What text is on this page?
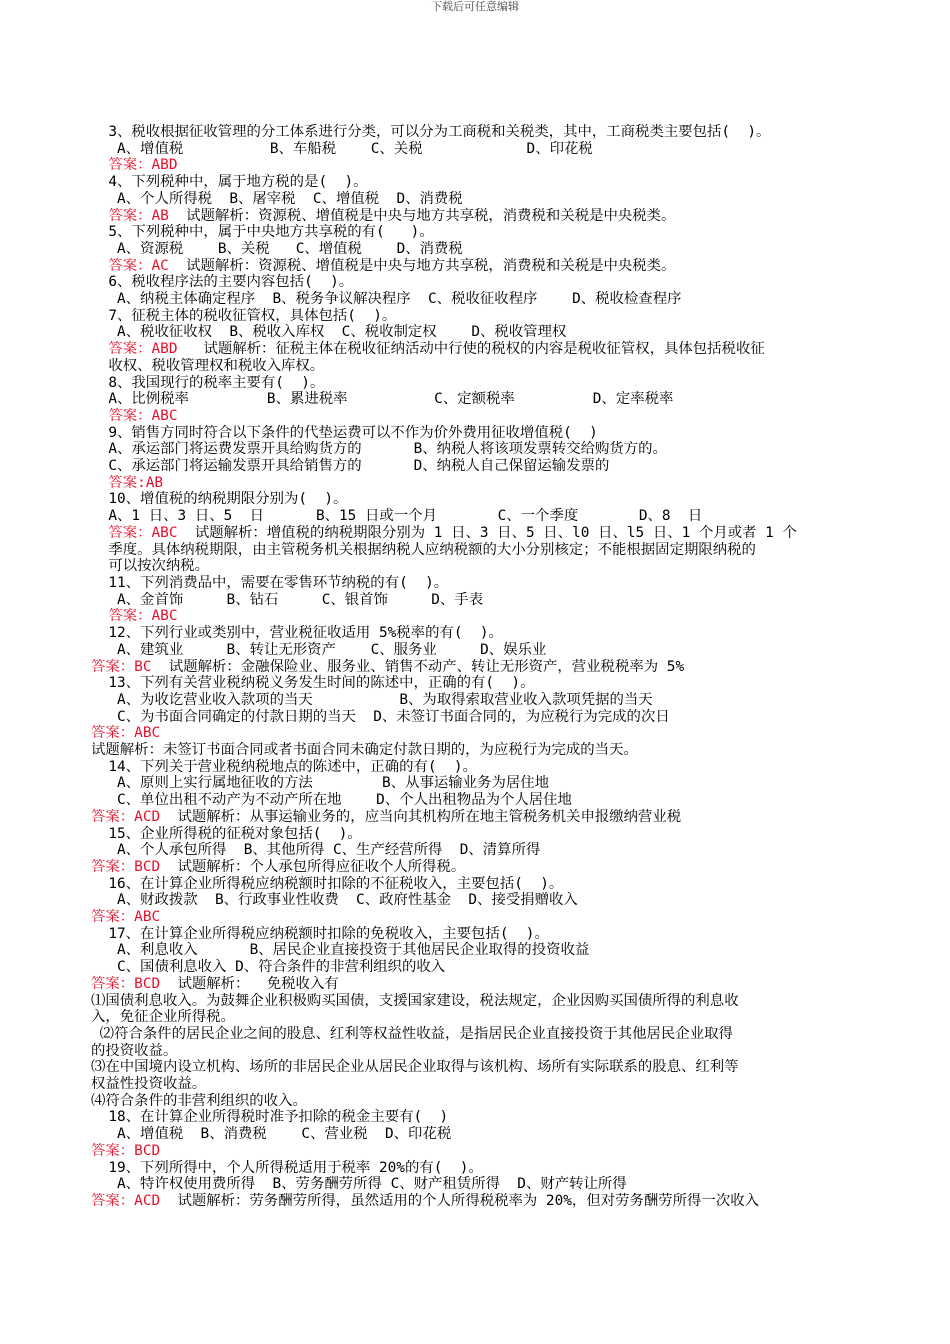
下载后可任意编辑

3、税收根据征收管理的分工体系进行分类，可以分为工商税和关税类，其中，工商税类主要包括(  )。

A、增值税          B、车船税    C、关税            D、印花税

答案：ABD

4、下列税种中，属于地方税的是(  )。

A、个人所得税  B、屠宰税  C、增值税  D、消费税

答案：AB  试题解析：资源税、增值税是中央与地方共享税，消费税和关税是中央税类。

5、下列税种中，属于中央地方共享税的有(   )。

A、资源税    B、关税   C、增值税    D、消费税

答案：AC  试题解析：资源税、增值税是中央与地方共享税，消费税和关税是中央税类。

6、税收程序法的主要内容包括(  )。

A、纳税主体确定程序  B、税务争议解决程序  C、税收征收程序    D、税收检查程序

7、征税主体的税收征管权，具体包括(  )。

A、税收征收权  B、税收入库权  C、税收制定权    D、税收管理权

答案：ABD   试题解析：征税主体在税收征纳活动中行使的税权的内容是税收征管权，具体包括税收征

收权、税收管理权和税收入库权。

8、我国现行的税率主要有(  )。

A、比例税率         B、累进税率          C、定额税率         D、定率税率

答案：ABC

9、销售方同时符合以下条件的代垫运费可以不作为价外费用征收增值税(  )

A、承运部门将运费发票开具给购货方的      B、纳税人将该项发票转交给购货方的。

C、承运部门将运输发票开具给销售方的      D、纳税人自己保留运输发票的

答案:AB

10、增值税的纳税期限分别为(  )。

A、1 日、3 日、5  日      B、15 日或一个月       C、一个季度       D、8  日

答案：ABC  试题解析：增值税的纳税期限分别为 1 日、3 日、5 日、l0 日、l5 日、1 个月或者 1 个

季度。具体纳税期限，由主管税务机关根据纳税人应纳税额的大小分别核定；不能根据固定期限纳税的

可以按次纳税。

11、下列消费品中，需要在零售环节纳税的有(  )。

A、金首饰     B、钻石     C、银首饰     D、手表

答案：ABC

12、下列行业或类别中，营业税征收适用 5%税率的有(  )。

A、建筑业     B、转让无形资产    C、服务业     D、娱乐业

答案：BC  试题解析：金融保险业、服务业、销售不动产、转让无形资产，营业税税率为 5%

13、下列有关营业税纳税义务发生时间的陈述中，正确的有(  )。

A、为收讫营业收入款项的当天          B、为取得索取营业收入款项凭据的当天

C、为书面合同确定的付款日期的当天  D、未签订书面合同的，为应税行为完成的次日

答案：ABC

试题解析：未签订书面合同或者书面合同未确定付款日期的，为应税行为完成的当天。

14、下列关于营业税纳税地点的陈述中，正确的有(  )。

A、原则上实行属地征收的方法        B、从事运输业务为居住地

C、单位出租不动产为不动产所在地    D、个人出租物品为个人居住地

答案：ACD  试题解析：从事运输业务的，应当向其机构所在地主管税务机关申报缴纳营业税

15、企业所得税的征税对象包括(  )。

A、个人承包所得  B、其他所得 C、生产经营所得  D、清算所得

答案：BCD  试题解析：个人承包所得应征收个人所得税。

16、在计算企业所得税应纳税额时扣除的不征税收入，主要包括(  )。

A、财政拨款  B、行政事业性收费  C、政府性基金  D、接受捐赠收入

答案：ABC

17、在计算企业所得税应纳税额时扣除的免税收入，主要包括(  )。

A、利息收入      B、居民企业直接投资于其他居民企业取得的投资收益

C、国债利息收入 D、符合条件的非营利组织的收入

答案：BCD  试题解析：  免税收入有

⑴国债利息收入。为鼓舞企业积极购买国债，支援国家建设，税法规定，企业因购买国债所得的利息收

入，免征企业所得税。

⑵符合条件的居民企业之间的股息、红利等权益性收益，是指居民企业直接投资于其他居民企业取得

的投资收益。

⑶在中国境内设立机构、场所的非居民企业从居民企业取得与该机构、场所有实际联系的股息、红利等

权益性投资收益。

⑷符合条件的非营利组织的收入。

18、在计算企业所得税时准予扣除的税金主要有(  )

A、增值税  B、消费税    C、营业税  D、印花税

答案：BCD

19、下列所得中，个人所得税适用于税率 20%的有(  )。

A、特许权使用费所得  B、劳务酬劳所得 C、财产租赁所得  D、财产转让所得

答案：ACD  试题解析：劳务酬劳所得，虽然适用的个人所得税税率为 20%，但对劳务酬劳所得一次收入
